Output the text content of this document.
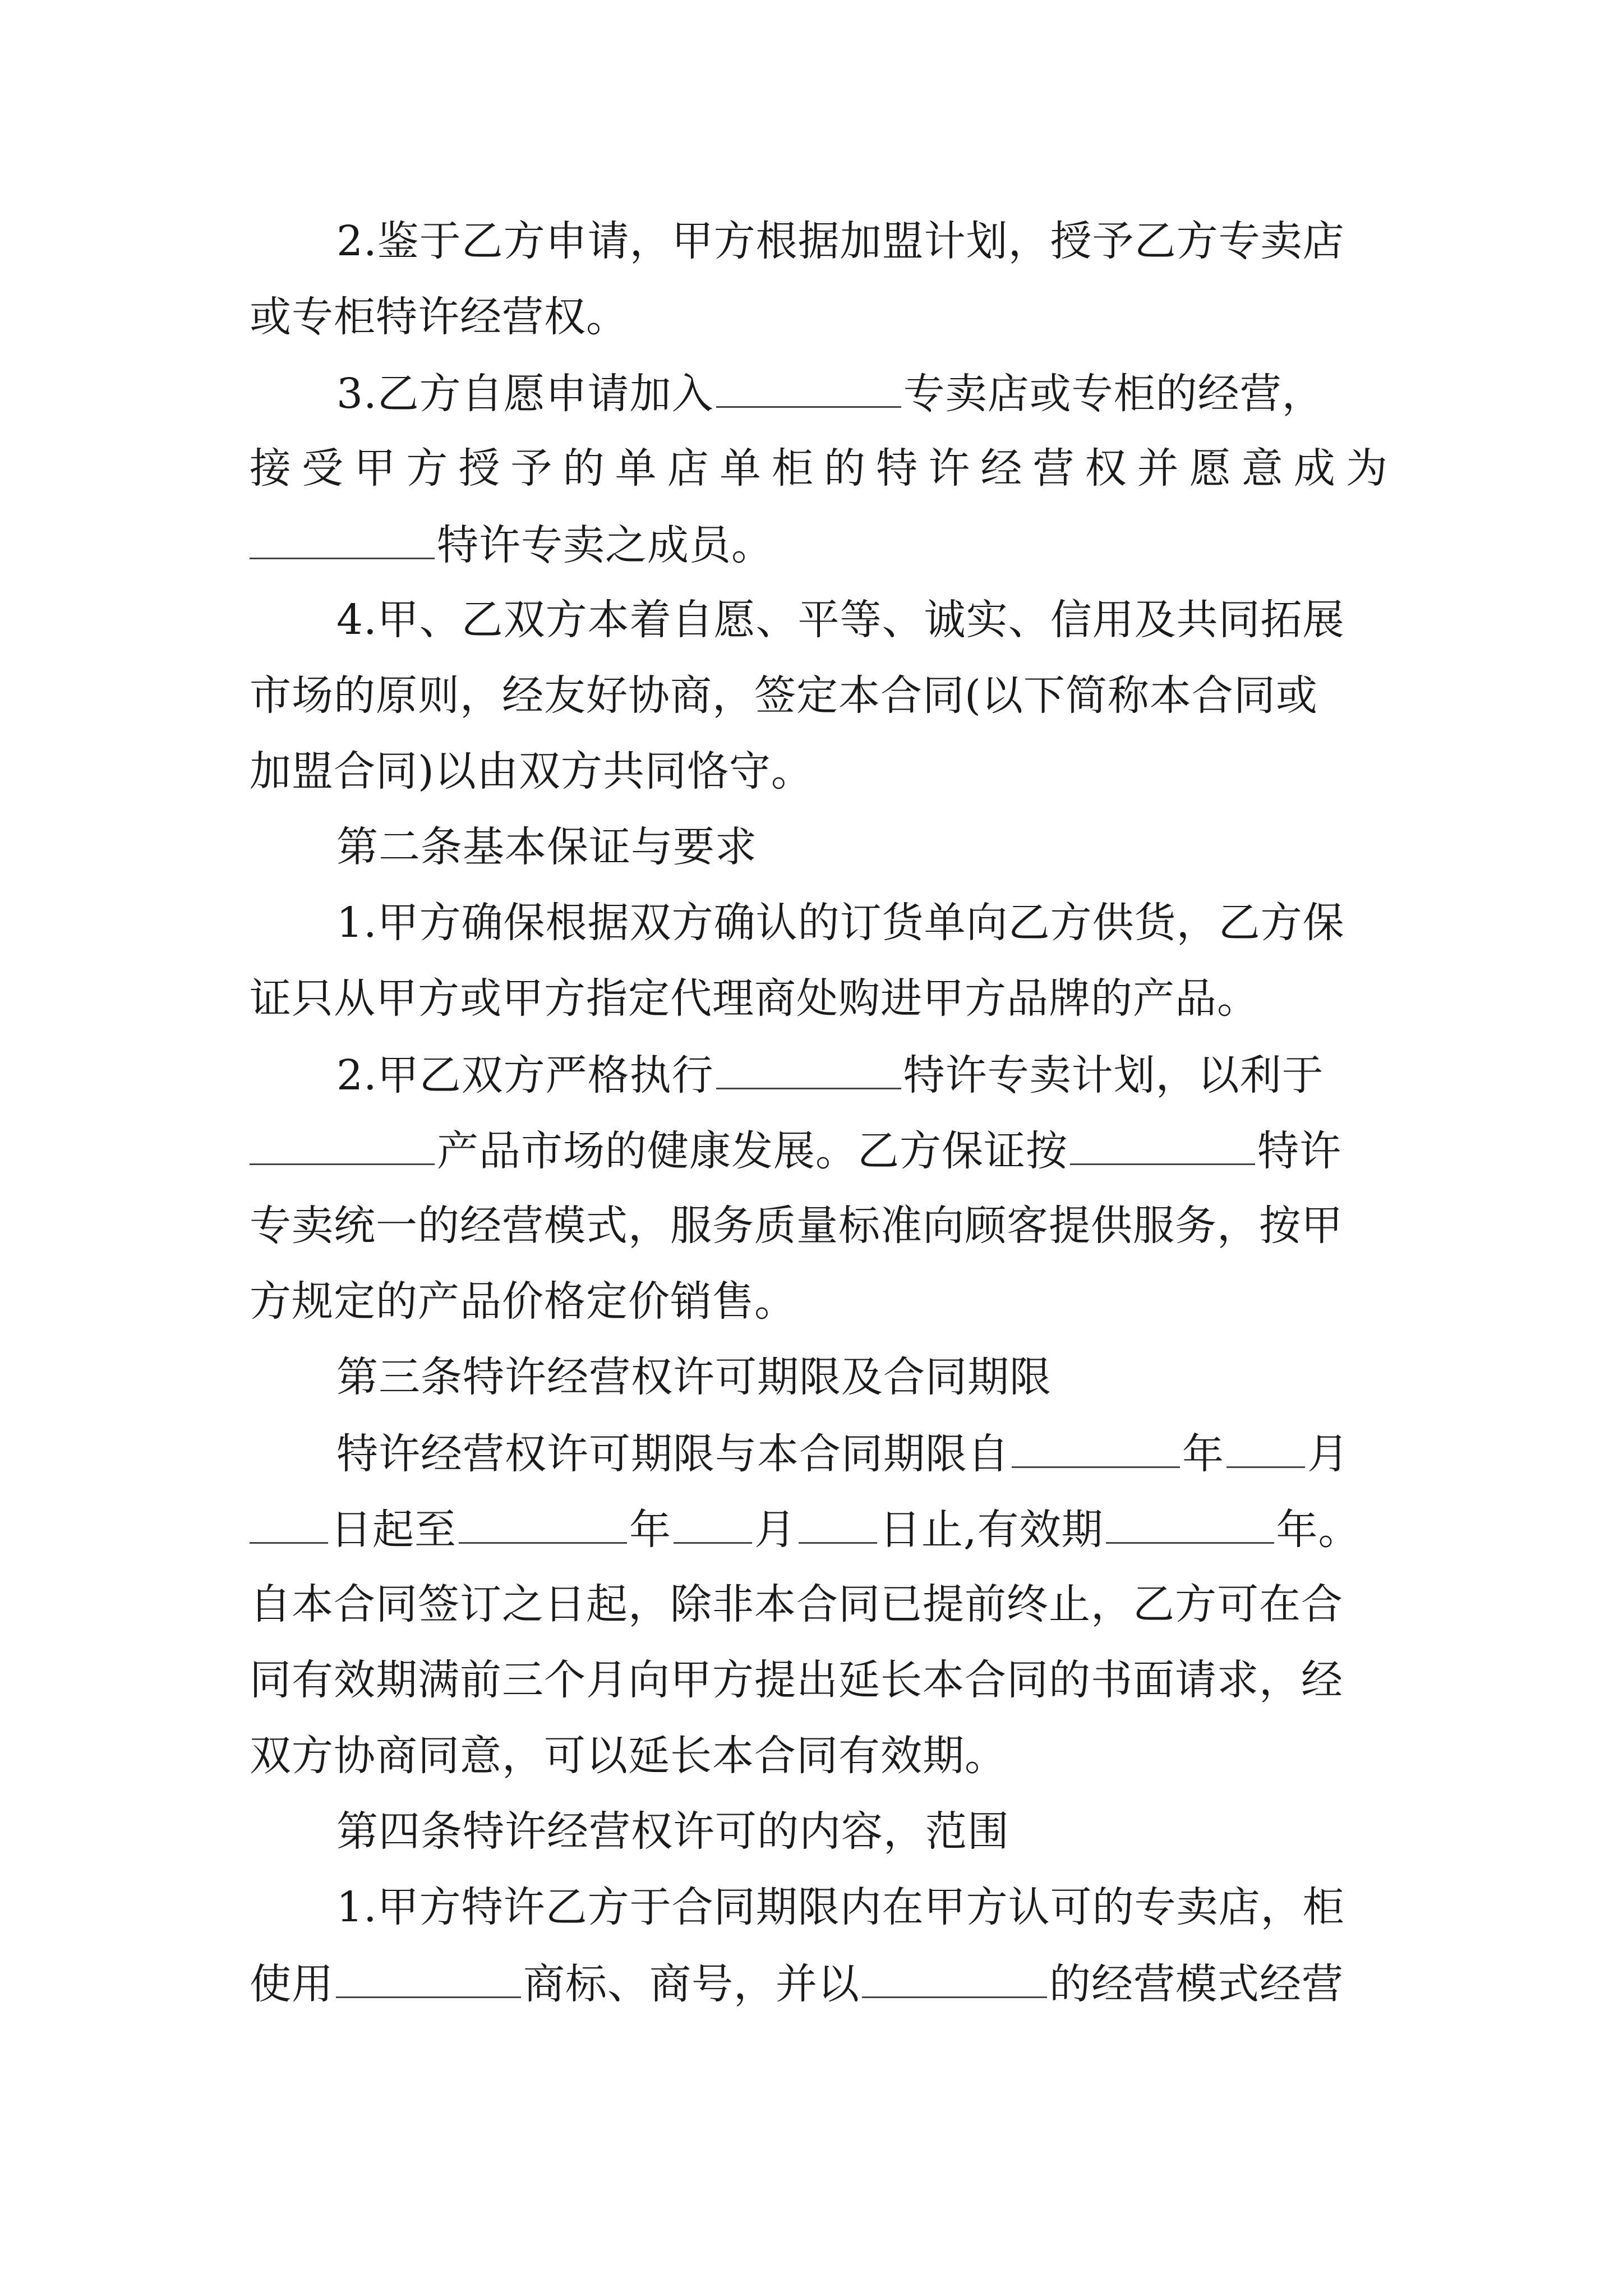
2.鉴于乙方申请，甲方根据加盟计划，授予乙方专卖店
或专柜特许经营权。
3.乙方自愿申请加入	专卖店或专柜的经营，
接 受 甲 方 授 予 的 单 店 单 柜 的 特 许 经 营 权 并 愿 意 成 为
特许专卖之成员。
4.甲、乙双方本着自愿、平等、诚实、信用及共同拓展
市场的原则，经友好协商，签定本合同(以下简称本合同或
加盟合同)以由双方共同恪守。
第二条基本保证与要求
1.甲方确保根据双方确认的订货单向乙方供货，乙方保
证只从甲方或甲方指定代理商处购进甲方品牌的产品。
2.甲乙双方严格执行	特许专卖计划，以利于
产品市场的健康发展。乙方保证按	特许
专卖统一的经营模式，服务质量标准向顾客提供服务，按甲
方规定的产品价格定价销售。
第三条特许经营权许可期限及合同期限
特许经营权许可期限与本合同期限自	年 月
日起至	年 月 日止,有效期	年。
自本合同签订之日起，除非本合同已提前终止，乙方可在合
同有效期满前三个月向甲方提出延长本合同的书面请求，经
双方协商同意，可以延长本合同有效期。
第四条特许经营权许可的内容，范围
1.甲方特许乙方于合同期限内在甲方认可的专卖店，柜
使用	商标、商号，并以	的经营模式经营
